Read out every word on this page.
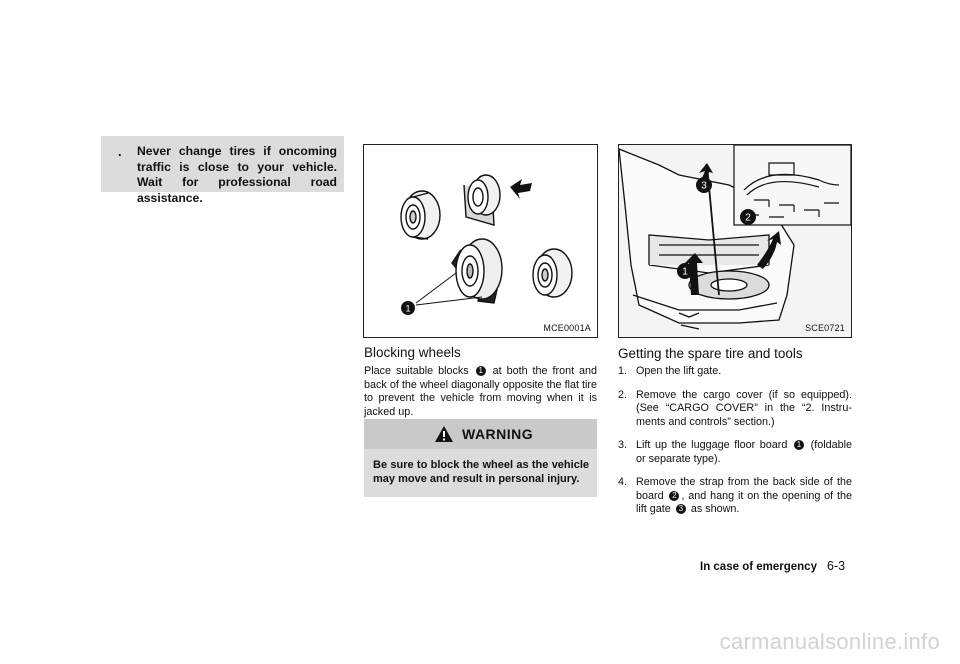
. Never change tires if oncoming traffic is close to your vehicle. Wait for professional road assistance.
1
MCE0001A
3
2
1
SCE0721
Blocking wheels
Place suitable blocks 1 at both the front and back of the wheel diagonally opposite the flat tire to prevent the vehicle from moving when it is jacked up.
WARNING
Be sure to block the wheel as the vehicle may move and result in personal injury.
Getting the spare tire and tools
1. Open the lift gate.
2. Remove the cargo cover (if so equipped). (See “CARGO COVER” in the “2. Instru-ments and controls” section.)
3. Lift up the luggage floor board 1 (foldable or separate type).
4. Remove the strap from the back side of the board 2 , and hang it on the opening of the lift gate 3 as shown.
In case of emergency 6-3
carmanualsonline.info
